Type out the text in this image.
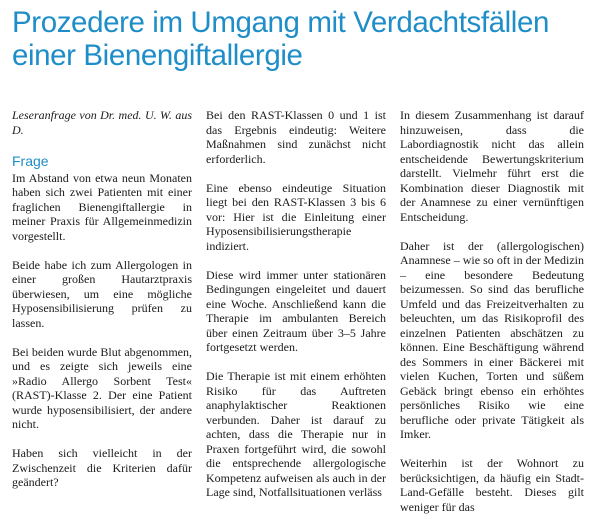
Prozedere im Umgang mit Verdachtsfällen
einer Bienengiftallergie

Leseranfrage von Dr. med. U. W. aus D.

Frage

Im Abstand von etwa neun Monaten haben sich zwei Patienten mit einer fraglichen Bienengiftallergie in meiner Praxis für Allgemeinmedizin vorgestellt.

Beide habe ich zum Allergologen in einer großen Hautarztpraxis überwiesen, um eine mögliche Hyposensibilisierung prüfen zu lassen.

Bei beiden wurde Blut abgenommen, und es zeigte sich jeweils eine »Radio Allergo Sorbent Test« (RAST)-Klasse 2. Der eine Patient wurde hyposensibilisiert, der andere nicht.

Haben sich vielleicht in der Zwischenzeit die Kriterien dafür geändert?

Bei den RAST-Klassen 0 und 1 ist das Ergebnis eindeutig: Weitere Maßnahmen sind zunächst nicht erforderlich.

Eine ebenso eindeutige Situation liegt bei den RAST-Klassen 3 bis 6 vor: Hier ist die Einleitung einer Hyposensibilisierungstherapie indiziert.

Diese wird immer unter stationären Bedingungen eingeleitet und dauert eine Woche. Anschließend kann die Therapie im ambulanten Bereich über einen Zeitraum über 3–5 Jahre fortgesetzt werden.

Die Therapie ist mit einem erhöhten Risiko für das Auftreten anaphylaktischer Reaktionen verbunden. Daher ist darauf zu achten, dass die Therapie nur in Praxen fortgeführt wird, die sowohl die entsprechende allergologische Kompetenz aufweisen als auch in der Lage sind, Notfallsituationen verläss

In diesem Zusammenhang ist darauf hinzuweisen, dass die Labordiagnostik nicht das allein entscheidende Bewertungskriterium darstellt. Vielmehr führt erst die Kombination dieser Diagnostik mit der Anamnese zu einer vernünftigen Entscheidung.

Daher ist der (allergologischen) Anamnese – wie so oft in der Medizin – eine besondere Bedeutung beizumessen. So sind das berufliche Umfeld und das Freizeitverhalten zu beleuchten, um das Risikoprofil des einzelnen Patienten abschätzen zu können. Eine Beschäftigung während des Sommers in einer Bäckerei mit vielen Kuchen, Torten und süßem Gebäck bringt ebenso ein erhöhtes persönliches Risiko wie eine berufliche oder private Tätigkeit als Imker.

Weiterhin ist der Wohnort zu berücksichtigen, da häufig ein Stadt-Land-Gefälle besteht. Dieses gilt weniger für das
